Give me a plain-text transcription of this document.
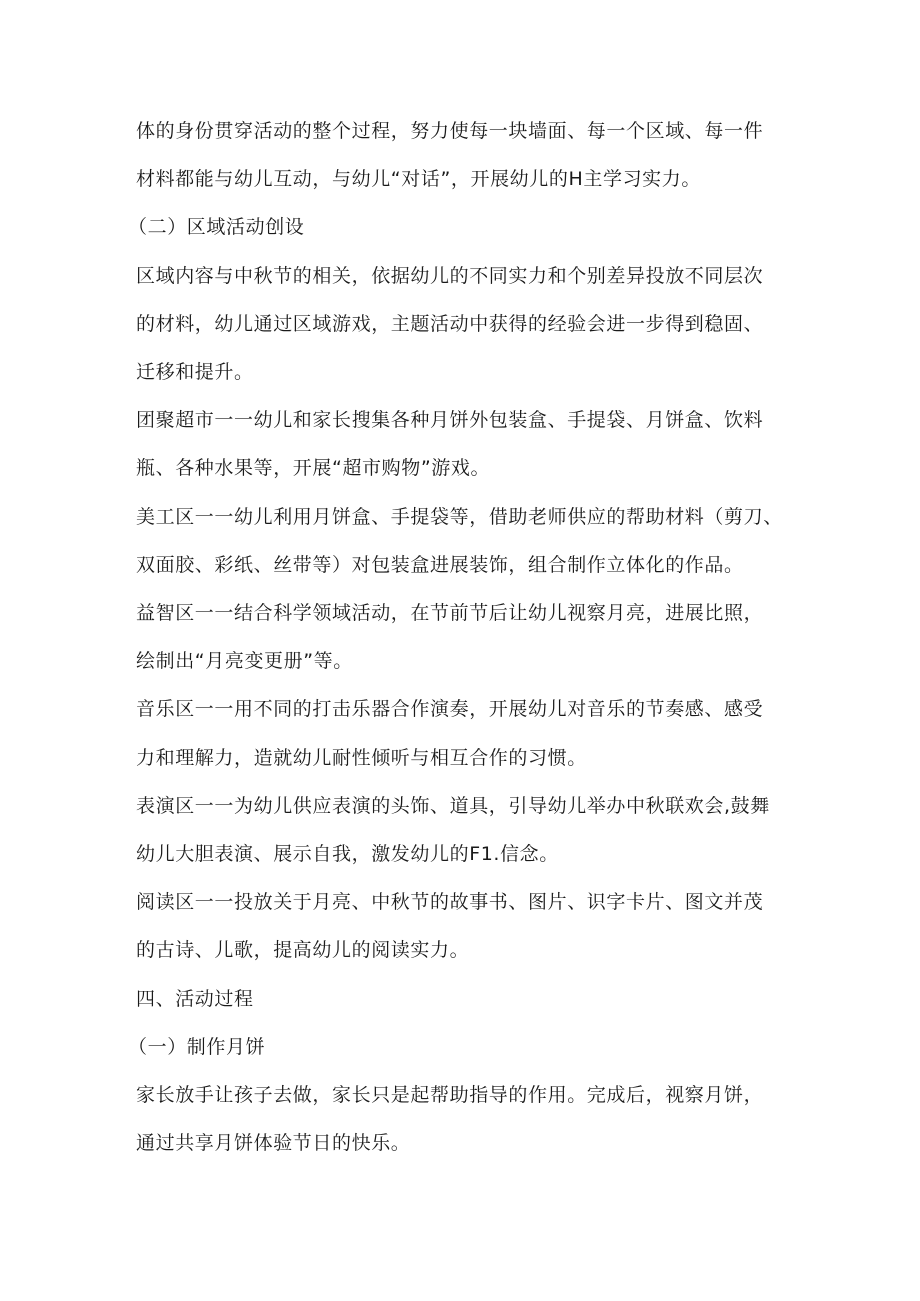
体的身份贯穿活动的整个过程，努力使每一块墙面、每一个区域、每一件
材料都能与幼儿互动，与幼儿“对话”，开展幼儿的H主学习实力。
（二）区域活动创设
区域内容与中秋节的相关，依据幼儿的不同实力和个别差异投放不同层次
的材料，幼儿通过区域游戏，主题活动中获得的经验会进一步得到稳固、
迁移和提升。
团聚超市一一幼儿和家长搜集各种月饼外包装盒、手提袋、月饼盒、饮料
瓶、各种水果等，开展“超市购物”游戏。
美工区一一幼儿利用月饼盒、手提袋等，借助老师供应的帮助材料（剪刀、
双面胶、彩纸、丝带等）对包装盒进展装饰，组合制作立体化的作品。
益智区一一结合科学领域活动，在节前节后让幼儿视察月亮，进展比照，
绘制出“月亮变更册”等。
音乐区一一用不同的打击乐器合作演奏，开展幼儿对音乐的节奏感、感受
力和理解力，造就幼儿耐性倾听与相互合作的习惯。
表演区一一为幼儿供应表演的头饰、道具，引导幼儿举办中秋联欢会,鼓舞
幼儿大胆表演、展示自我，激发幼儿的F1.信念。
阅读区一一投放关于月亮、中秋节的故事书、图片、识字卡片、图文并茂
的古诗、儿歌，提高幼儿的阅读实力。
四、活动过程
（一）制作月饼
家长放手让孩子去做，家长只是起帮助指导的作用。完成后，视察月饼，
通过共享月饼体验节日的快乐。
